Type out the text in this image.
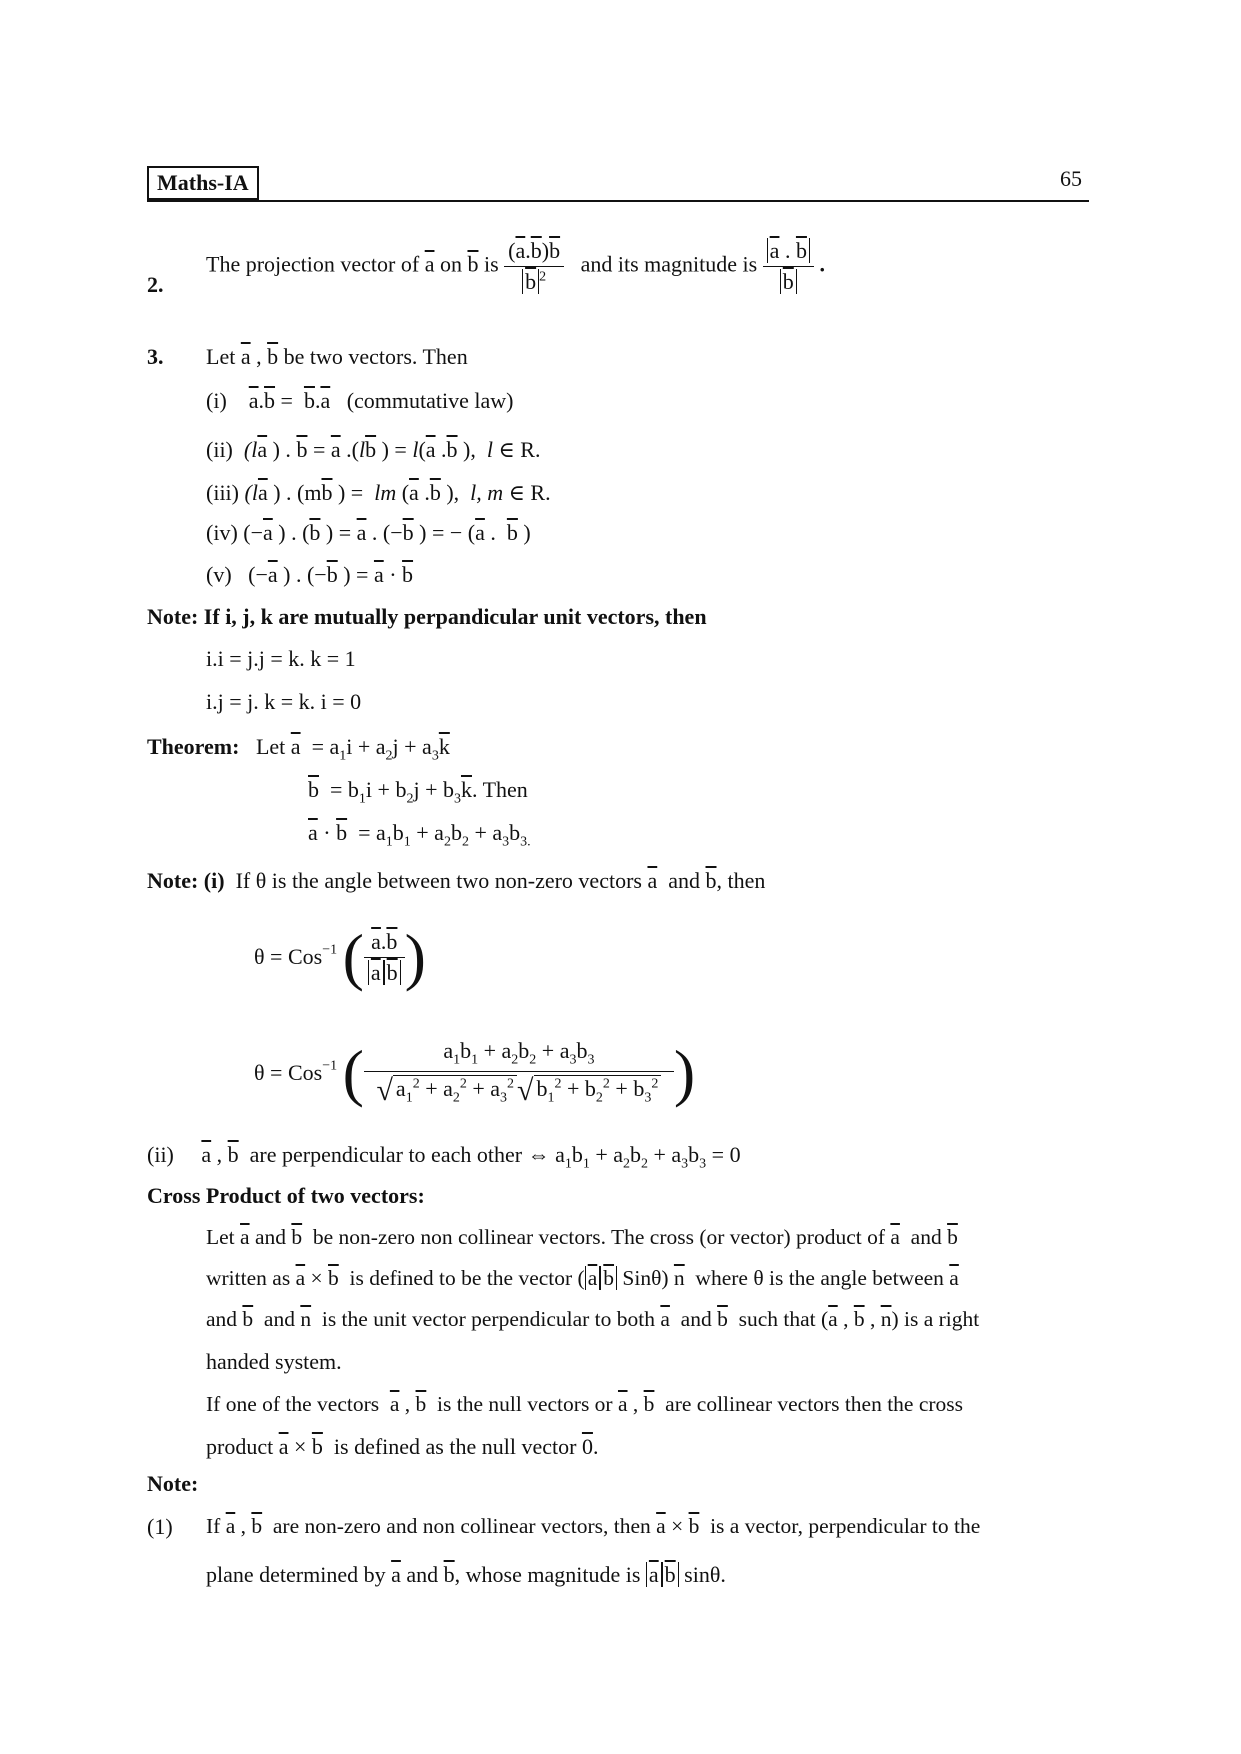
Maths-IA	65
2.
The projection vector of $\overline{a}$ on $\overline{b}$ is $\frac{(\overline{a}.\overline{b})\overline{b}}{\overline{b} ^2}$ and its magnitude is $\frac{\overline{a} . \overline{b}}{b}$ .
3. Let $\overline{a}$ , $\overline{b}$ be two vectors. Then
(i) $\overline{a}.\overline{b} = \overline{b}.\overline{a}$ (commutative law)
(ii) ($l\overline{a}$ ) . $\overline{b} = \overline{a}$ $.(l\overline{b}$ ) = $l(\overline{a}$ $.\overline{b}$ ),  l ∈ R.
(iii) ($l\overline{a}$ ) . ($m\overline{b}$ ) =  lm ($\overline{a}$ $.\overline{b}$ ),  l, m ∈ R.
(iv) ($-\overline{a}$ ) . ($\overline{b}$ ) = $\overline{a}$ . ($-\overline{b}$ ) = − ($\overline{a}$ .  $\overline{b}$ )
(v)   ($-\overline{a}$ ) . ($-\overline{b}$ ) = $\overline{a} \cdot \overline{b}$
Note: If i, j, k are mutually perpandicular unit vectors, then
i.i = j.j = k. k = 1
i.j = j. k = k. i = 0
Theorem: Let $\overline{a} = a_1i + a_2j + a_3\overline{k}$
$\overline{b} = b_1i + b_2j + b_3\overline{k}$. Then
$\overline{a} \cdot \overline{b} = a_1b_1 + a_2b_2 + a_3b_{3.}$
Note: (i) If θ is the angle between two non-zero vectors $\overline{a}$ and $\overline{b}$, then
θ = Cos$^{-1}$ ( $\frac{\overline{a}.\overline{b}}{\overline{a} \overline{b}}$ )
θ = Cos$^{-1}$ ( $\frac{a_1b_1 + a_2b_2 + a_3b_3}{√ a_1^2 + a_2^2 + a_3^2 √ b_1^2 + b_2^2 + b_3^2}$ )
(ii) $\overline{a}$ , $\overline{b}$ are perpendicular to each other ⇔ $a_1b_1 + a_2b_2 + a_3b_3 = 0$
Cross Product of two vectors:
Let $\overline{a}$ and $\overline{b}$ be non-zero non collinear vectors. The cross (or vector) product of $\overline{a}$ and $\overline{b}$
written as $\overline{a} \times \overline{b}$ is defined to be the vector ( $\overline{a}$ $\overline{b}$ Sinθ) $\overline{n}$ where θ is the angle between $\overline{a}$
and $\overline{b}$ and $\overline{n}$ is the unit vector perpendicular to both $\overline{a}$ and $\overline{b}$ such that ($\overline{a}$ , $\overline{b}$ , $\overline{n}$) is a right
handed system.
If one of the vectors $\overline{a}$ , $\overline{b}$ is the null vectors or $\overline{a}$ , $\overline{b}$ are collinear vectors then the cross
product $\overline{a} \times \overline{b}$ is defined as the null vector 0.
Note:
(1) If $\overline{a}$ , $\overline{b}$ are non-zero and non collinear vectors, then $\overline{a} \times \overline{b}$ is a vector, perpendicular to the
plane determined by $\overline{a}$ and $\overline{b}$, whose magnitude is $\overline{a}$ $\overline{b}$ sinθ.
